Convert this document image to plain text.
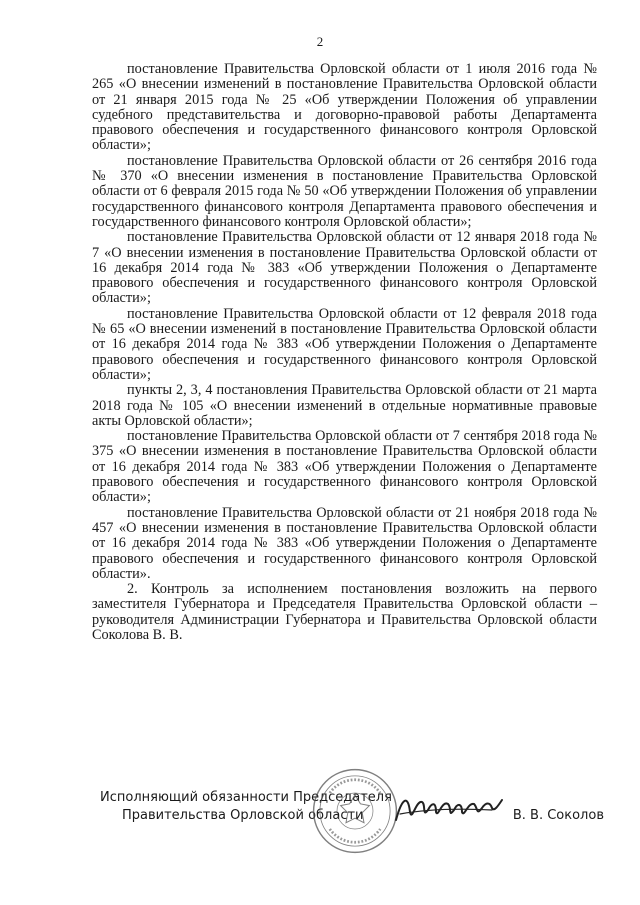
2

постановление Правительства Орловской области от 1 июля 2016 года № 265 «О внесении изменений в постановление Правительства Орловской области от 21 января 2015 года № 25 «Об утверждении Положения об управлении судебного представительства и договорно-правовой работы Департамента правового обеспечения и государственного финансового контроля Орловской области»;

постановление Правительства Орловской области от 26 сентября 2016 года № 370 «О внесении изменения в постановление Правительства Орловской области от 6 февраля 2015 года № 50 «Об утверждении Положения об управлении государственного финансового контроля Департамента правового обеспечения и государственного финансового контроля Орловской области»;

постановление Правительства Орловской области от 12 января 2018 года № 7 «О внесении изменения в постановление Правительства Орловской области от 16 декабря 2014 года № 383 «Об утверждении Положения о Департаменте правового обеспечения и государственного финансового контроля Орловской области»;

постановление Правительства Орловской области от 12 февраля 2018 года № 65 «О внесении изменений в постановление Правительства Орловской области от 16 декабря 2014 года № 383 «Об утверждении Положения о Департаменте правового обеспечения и государственного финансового контроля Орловской области»;

пункты 2, 3, 4 постановления Правительства Орловской области от 21 марта 2018 года № 105 «О внесении изменений в отдельные нормативные правовые акты Орловской области»;

постановление Правительства Орловской области от 7 сентября 2018 года № 375 «О внесении изменения в постановление Правительства Орловской области от 16 декабря 2014 года № 383 «Об утверждении Положения о Департаменте правового обеспечения и государственного финансового контроля Орловской области»;

постановление Правительства Орловской области от 21 ноября 2018 года № 457 «О внесении изменения в постановление Правительства Орловской области от 16 декабря 2014 года № 383 «Об утверждении Положения о Департаменте правового обеспечения и государственного финансового контроля Орловской области».

2. Контроль за исполнением постановления возложить на первого заместителя Губернатора и Председателя Правительства Орловской области – руководителя Администрации Губернатора и Правительства Орловской области Соколова В. В.

Исполняющий обязанности Председателя
Правительства Орловской области	В. В. Соколов
